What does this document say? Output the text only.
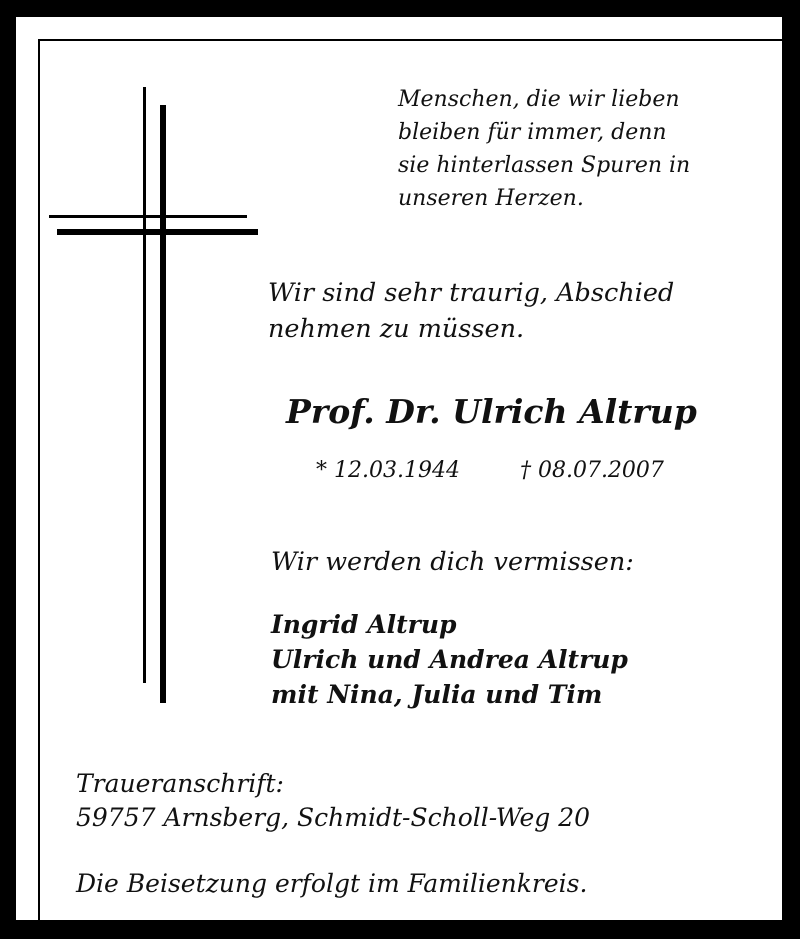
Menschen, die wir lieben
bleiben für immer, denn
sie hinterlassen Spuren in
unseren Herzen.
Wir sind sehr traurig, Abschied
nehmen zu müssen.
Prof. Dr. Ulrich Altrup
* 12.03.1944	† 08.07.2007
Wir werden dich vermissen:
Ingrid Altrup
Ulrich und Andrea Altrup
mit Nina, Julia und Tim
Traueranschrift:
59757 Arnsberg, Schmidt-Scholl-Weg 20
Die Beisetzung erfolgt im Familienkreis.
